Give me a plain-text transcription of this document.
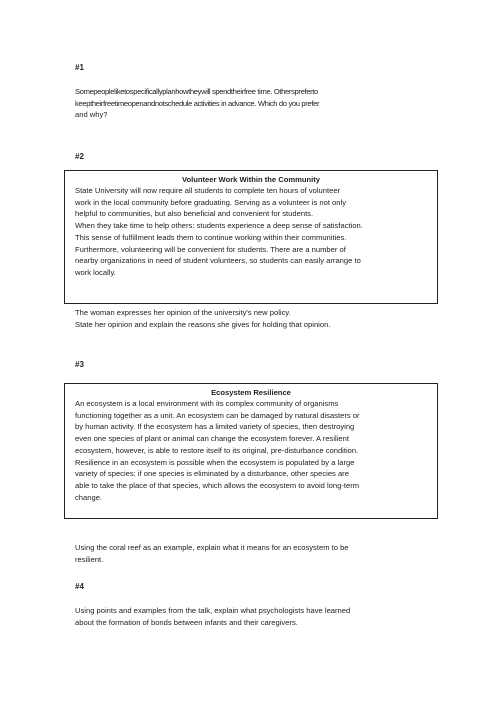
#1
Somepeopleliketospecificallyplanhowtheywill spendtheirfree time. Otherspreferto
keeptheirfreetimeopenandnotschedule activities in advance. Which do you prefer
and why?
#2
Volunteer Work Within the Community
State University will now require all students to complete ten hours of volunteer
work in the local community before graduating. Serving as a volunteer is not only
helpful to communities, but also beneficial and convenient for students.
When they take time to help others: students experience a deep sense of satisfaction.
This sense of fulfillment leads them to continue working within their communities.
Furthermore, volunteering will be convenient for students. There are a number of
nearby organizations in need of student volunteers, so students can easily arrange to
work locally.
The woman expresses her opinion of the university's new policy.
State her opinion and explain the reasons she gives for holding that opinion.
#3
Ecosystem Resilience
An ecosystem is a local environment with its complex community of organisms
functioning together as a unit. An ecosystem can be damaged by natural disasters or
by human activity. If the ecosystem has a limited variety of species, then destroying
even one species of plant or animal can change the ecosystem forever. A resilient
ecosystem, however, is able to restore itself to its original, pre-disturbance condition.
Resilience in an ecosystem is possible when the ecosystem is populated by a large
variety of species: if one species is eliminated by a disturbance, other species are
able to take the place of that species, which allows the ecosystem to avoid long-term
change.
Using the coral reef as an example, explain what it means for an ecosystem to be
resilient.
#4
Using points and examples from the talk, explain what psychologists have learned
about the formation of bonds between infants and their caregivers.
